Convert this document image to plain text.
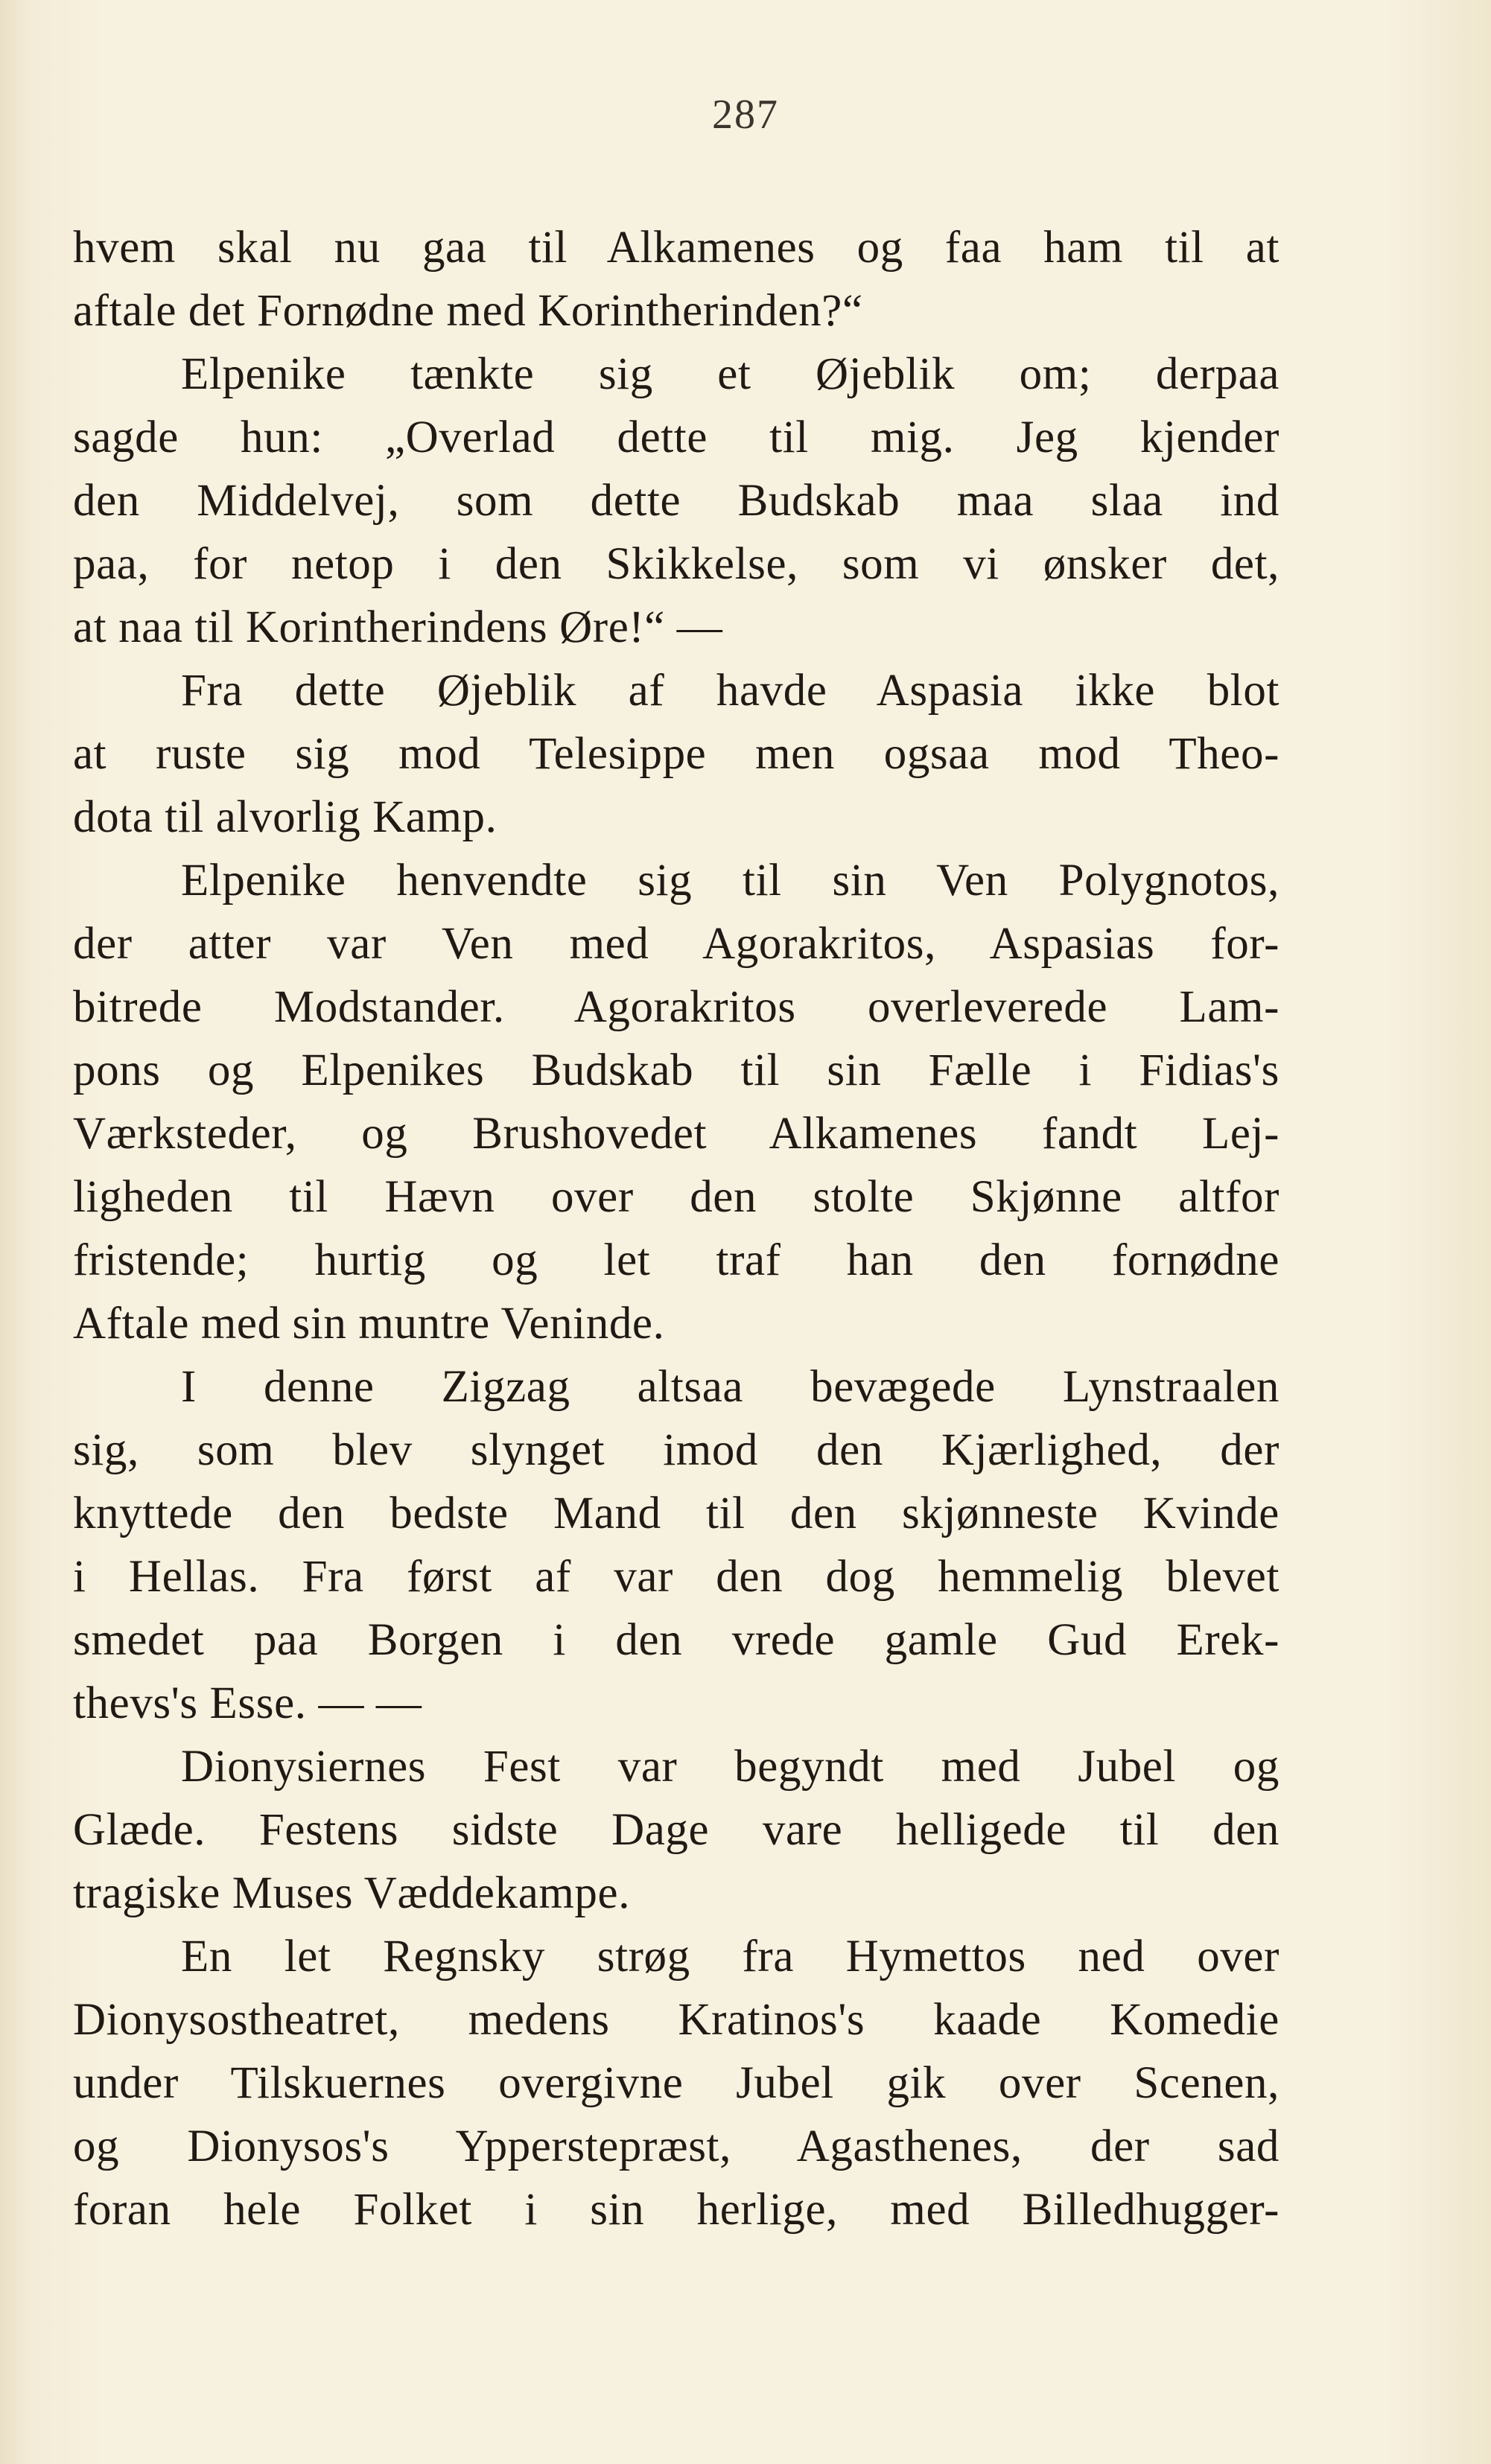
287
hvem skal nu gaa til Alkamenes og faa ham til at
aftale det Fornødne med Korintherinden?“
Elpenike tænkte sig et Øjeblik om; derpaa
sagde hun: „Overlad dette til mig. Jeg kjender
den Middelvej, som dette Budskab maa slaa ind
paa, for netop i den Skikkelse, som vi ønsker det,
at naa til Korintherindens Øre!“ —
Fra dette Øjeblik af havde Aspasia ikke blot
at ruste sig mod Telesippe men ogsaa mod Theo-
dota til alvorlig Kamp.
Elpenike henvendte sig til sin Ven Polygnotos,
der atter var Ven med Agorakritos, Aspasias for-
bitrede Modstander. Agorakritos overleverede Lam-
pons og Elpenikes Budskab til sin Fælle i Fidias's
Værksteder, og Brushovedet Alkamenes fandt Lej-
ligheden til Hævn over den stolte Skjønne altfor
fristende; hurtig og let traf han den fornødne
Aftale med sin muntre Veninde.
I denne Zigzag altsaa bevægede Lynstraalen
sig, som blev slynget imod den Kjærlighed, der
knyttede den bedste Mand til den skjønneste Kvinde
i Hellas. Fra først af var den dog hemmelig blevet
smedet paa Borgen i den vrede gamle Gud Erek-
thevs's Esse. — —
Dionysiernes Fest var begyndt med Jubel og
Glæde. Festens sidste Dage vare helligede til den
tragiske Muses Væddekampe.
En let Regnsky strøg fra Hymettos ned over
Dionysostheatret, medens Kratinos's kaade Komedie
under Tilskuernes overgivne Jubel gik over Scenen,
og Dionysos's Ypperstepræst, Agasthenes, der sad
foran hele Folket i sin herlige, med Billedhugger-
